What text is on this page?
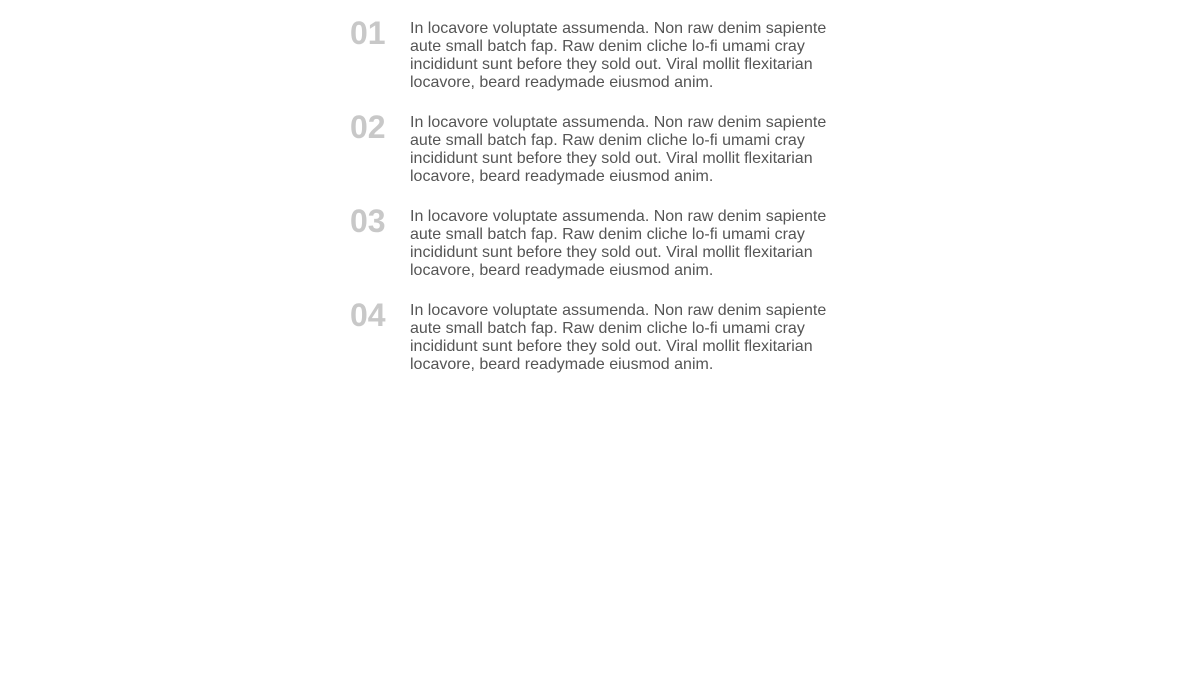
01	In locavore voluptate assumenda. Non raw denim sapiente aute small batch fap. Raw denim cliche lo-fi umami cray incididunt sunt before they sold out. Viral mollit flexitarian locavore, beard readymade eiusmod anim.
02	In locavore voluptate assumenda. Non raw denim sapiente aute small batch fap. Raw denim cliche lo-fi umami cray incididunt sunt before they sold out. Viral mollit flexitarian locavore, beard readymade eiusmod anim.
03	In locavore voluptate assumenda. Non raw denim sapiente aute small batch fap. Raw denim cliche lo-fi umami cray incididunt sunt before they sold out. Viral mollit flexitarian locavore, beard readymade eiusmod anim.
04	In locavore voluptate assumenda. Non raw denim sapiente aute small batch fap. Raw denim cliche lo-fi umami cray incididunt sunt before they sold out. Viral mollit flexitarian locavore, beard readymade eiusmod anim.
